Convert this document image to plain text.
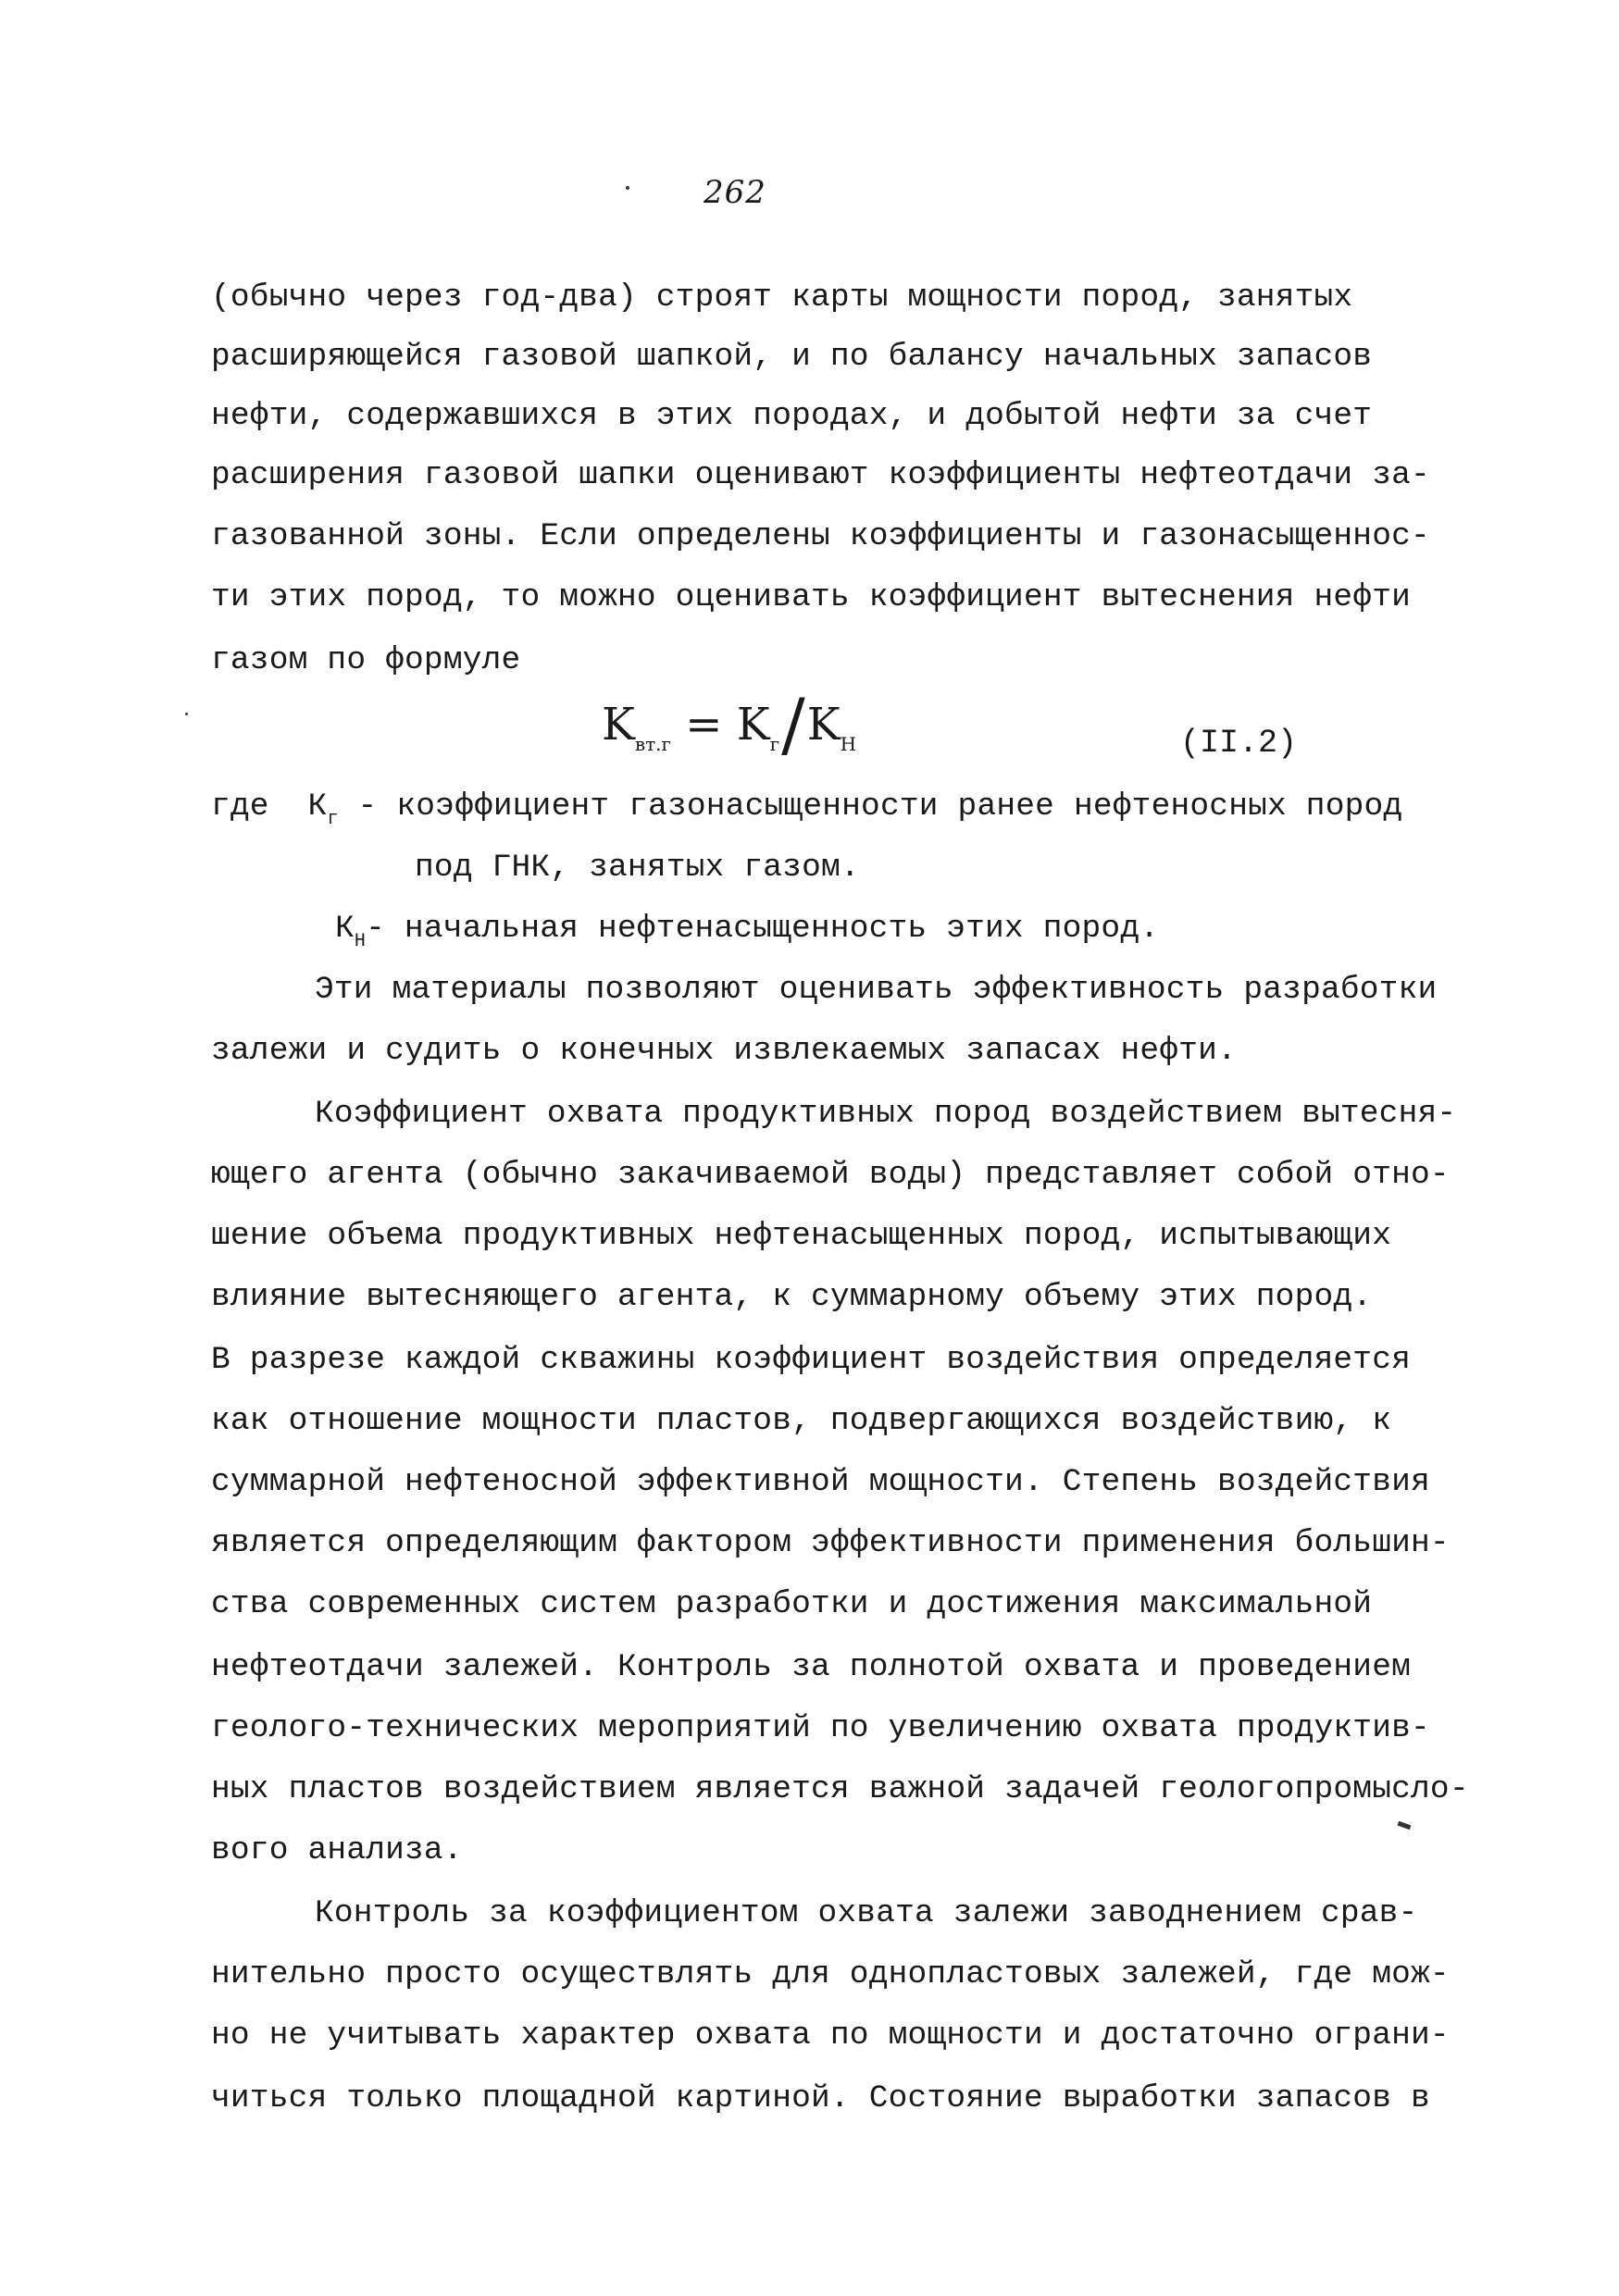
262
(обычно через год-два) строят карты мощности пород, занятых
расширяющейся газовой шапкой, и по балансу начальных запасов
нефти, содержавшихся в этих породах, и добытой нефти за счет
расширения газовой шапки оценивают коэффициенты нефтеотдачи за-
газованной зоны. Если определены коэффициенты и газонасыщеннос-
ти этих пород, то можно оценивать коэффициент вытеснения нефти
газом по формуле
$K_{вт.г} = K_г/K_Н$	(II.2)
где $К_г$ - коэффициент газонасыщенности ранее нефтеносных пород
под ГНК, занятых газом.
$К_Н-$ начальная нефтенасыщенность этих пород.
Эти материалы позволяют оценивать эффективность разработки
залежи и судить о конечных извлекаемых запасах нефти.
Коэффициент охвата продуктивных пород воздействием вытесня-
ющего агента (обычно закачиваемой воды) представляет собой отно-
шение объема продуктивных нефтенасыщенных пород, испытывающих
влияние вытесняющего агента, к суммарному объему этих пород.
В разрезе каждой скважины коэффициент воздействия определяется
как отношение мощности пластов, подвергающихся воздействию, к
суммарной нефтеносной эффективной мощности. Степень воздействия
является определяющим фактором эффективности применения большин-
ства современных систем разработки и достижения максимальной
нефтеотдачи залежей. Контроль за полнотой охвата и проведением
геолого-технических мероприятий по увеличению охвата продуктив-
ных пластов воздействием является важной задачей геологопромысло-
вого анализа.
Контроль за коэффициентом охвата залежи заводнением срав-
нительно просто осуществлять для однопластовых залежей, где мож-
но не учитывать характер охвата по мощности и достаточно ограни-
читься только площадной картиной. Состояние выработки запасов в
